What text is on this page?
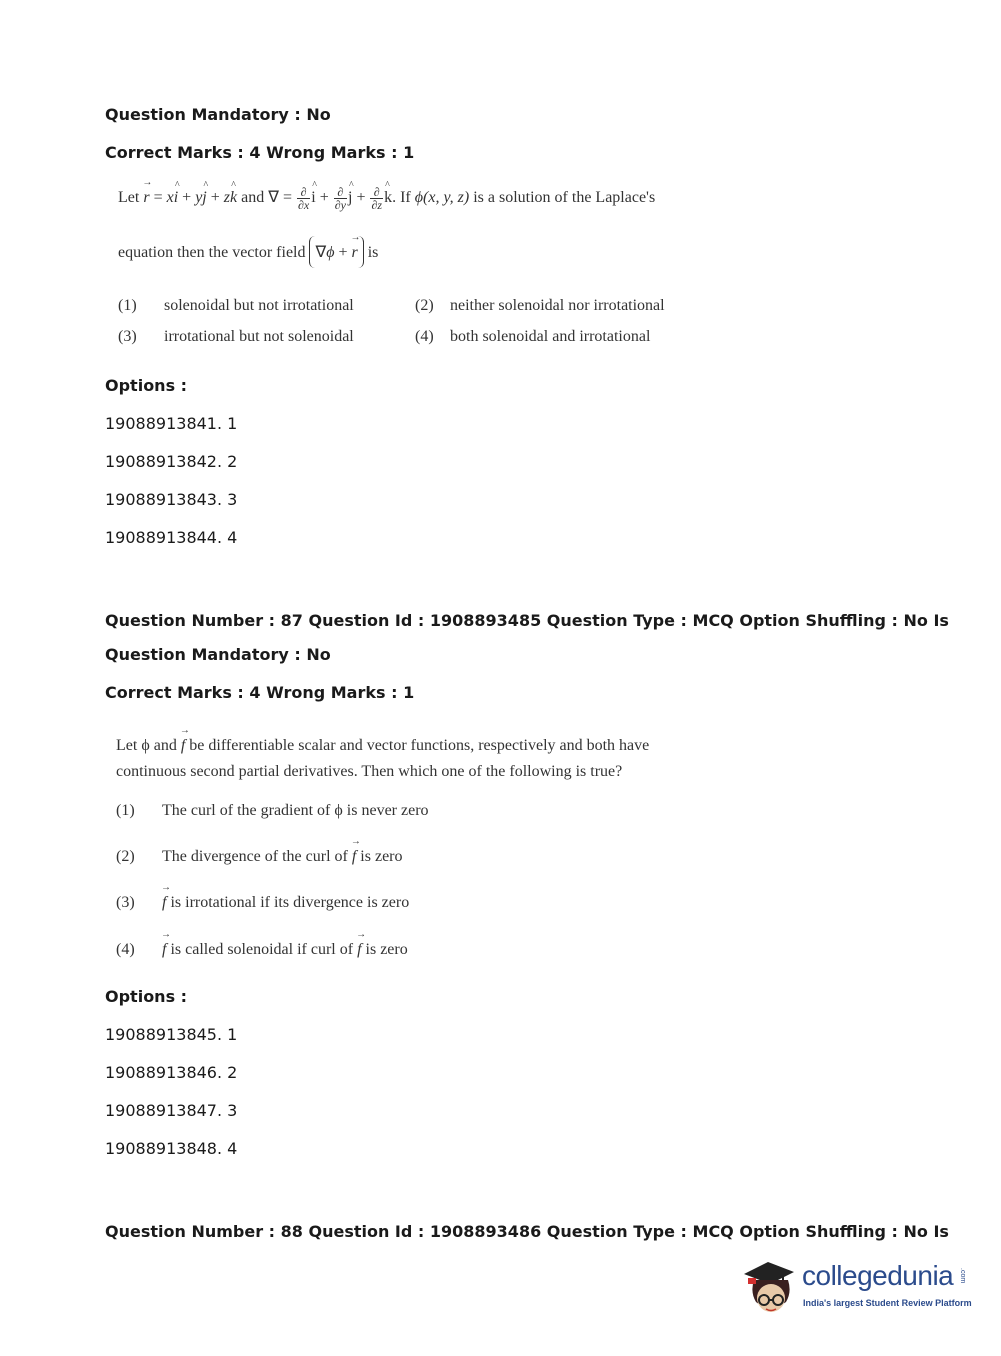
Question Mandatory : No
Correct Marks : 4 Wrong Marks : 1
Let → r = x^ i + y^ j + z^ k and ∇ = $\frac{\partial}{\partial x}$ ^ $i + \frac{\partial}{\partial y}$ ^ $j + \frac{\partial}{\partial z}$ ^ k. If ϕ(x, y, z) is a solution of the Laplace's
equation then the vector field ∇ϕ + → r is
(1) solenoidal but not irrotational	(2) neither solenoidal nor irrotational
(3) irrotational but not solenoidal	(4) both solenoidal and irrotational
Options :
19088913841. 1
19088913842. 2
19088913843. 3
19088913844. 4
Question Number : 87 Question Id : 1908893485 Question Type : MCQ Option Shuffling : No Is
Question Mandatory : No
Correct Marks : 4 Wrong Marks : 1
Let ϕ and → f be differentiable scalar and vector functions, respectively and both have
continuous second partial derivatives. Then which one of the following is true?
(1) The curl of the gradient of ϕ is never zero
(2) The divergence of the curl of → f is zero
(3) → f is irrotational if its divergence is zero
(4) → f is called solenoidal if curl of → f is zero
Options :
19088913845. 1
19088913846. 2
19088913847. 3
19088913848. 4
Question Number : 88 Question Id : 1908893486 Question Type : MCQ Option Shuffling : No Is
collegedunia .com
India's largest Student Review Platform
